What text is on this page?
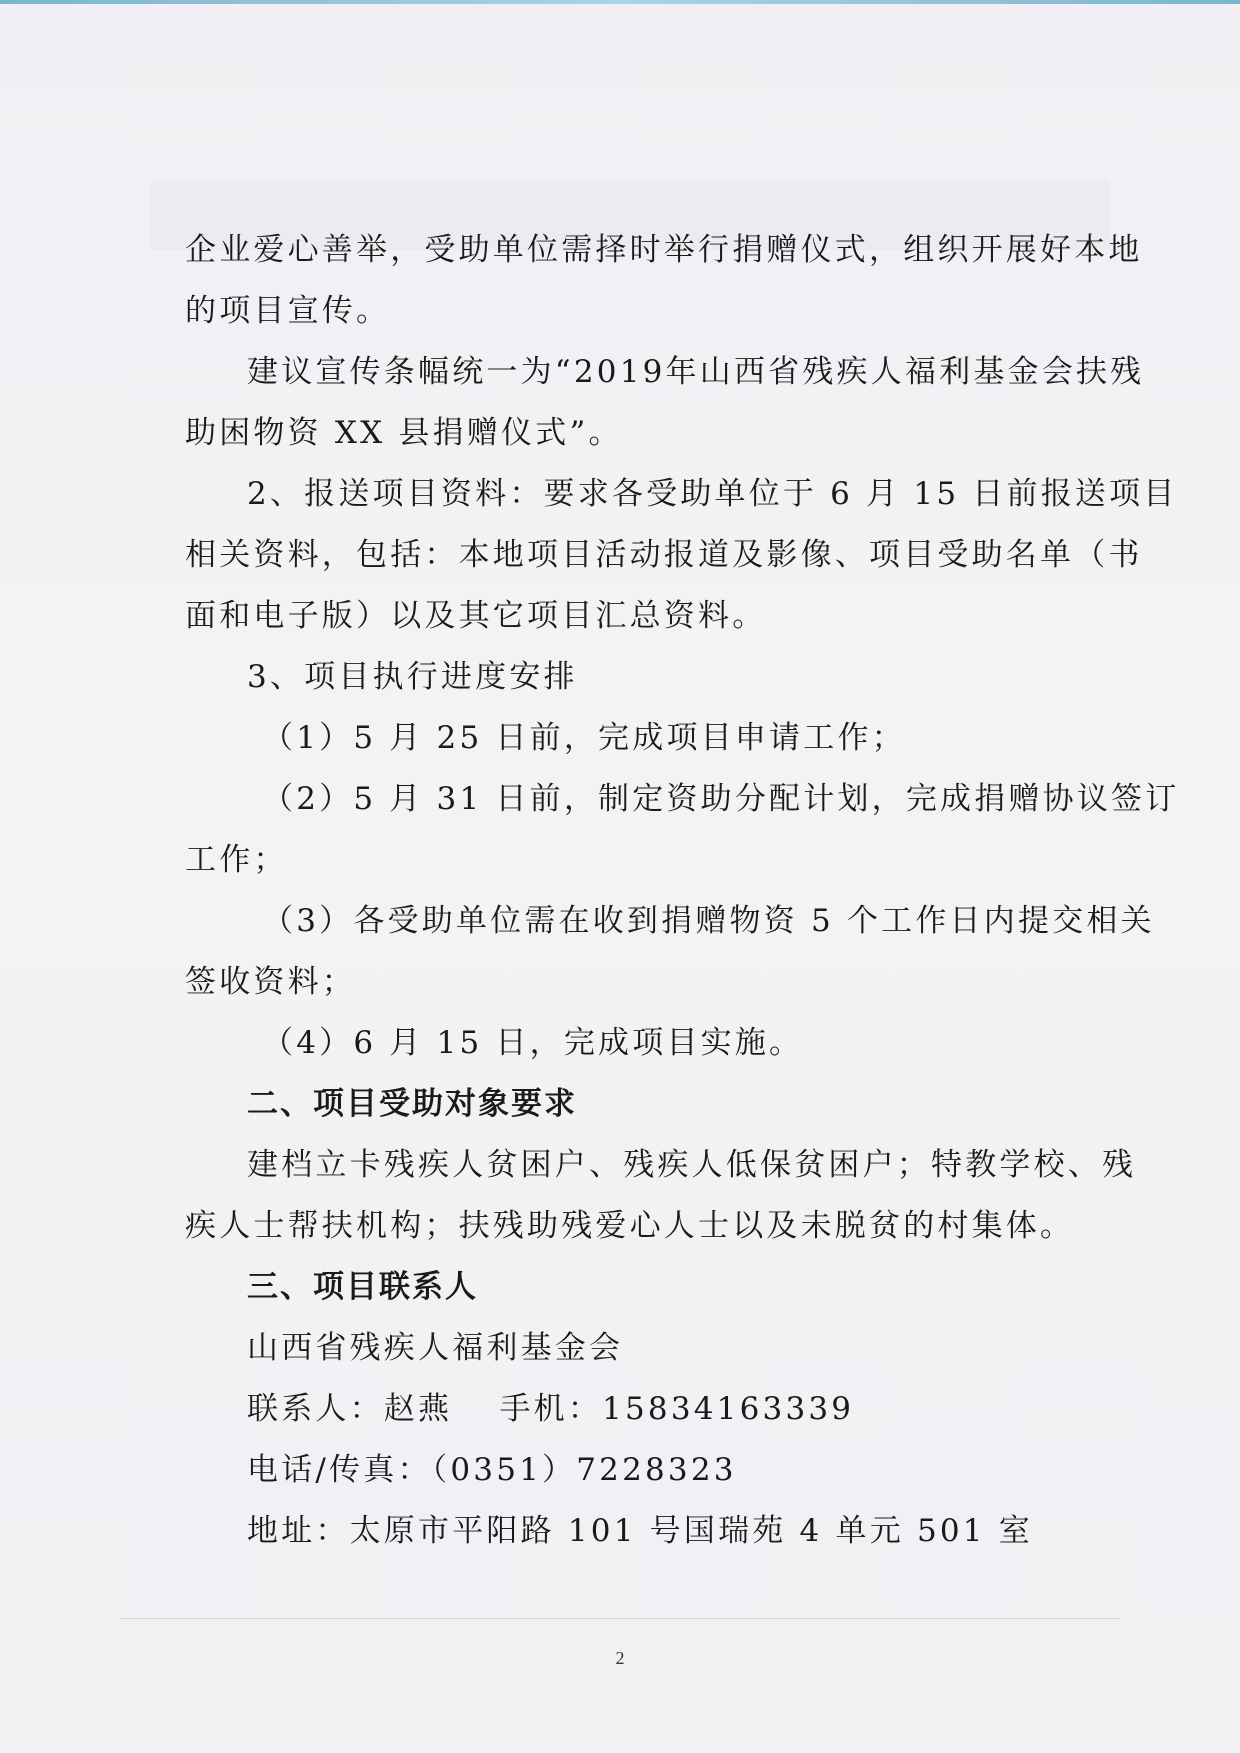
企业爱心善举，受助单位需择时举行捐赠仪式，组织开展好本地
的项目宣传。
建议宣传条幅统一为“2019年山西省残疾人福利基金会扶残
助困物资 XX 县捐赠仪式”。
2、报送项目资料：要求各受助单位于 6 月 15 日前报送项目
相关资料，包括：本地项目活动报道及影像、项目受助名单（书
面和电子版）以及其它项目汇总资料。
3、项目执行进度安排
（1）5 月 25 日前，完成项目申请工作；
（2）5 月 31 日前，制定资助分配计划，完成捐赠协议签订
工作；
（3）各受助单位需在收到捐赠物资 5 个工作日内提交相关
签收资料；
（4）6 月 15 日，完成项目实施。
二、项目受助对象要求
建档立卡残疾人贫困户、残疾人低保贫困户；特教学校、残
疾人士帮扶机构；扶残助残爱心人士以及未脱贫的村集体。
三、项目联系人
山西省残疾人福利基金会
联系人：赵燕　 手机：15834163339
电话/传真：（0351）7228323
地址：太原市平阳路 101 号国瑞苑 4 单元 501 室
2
